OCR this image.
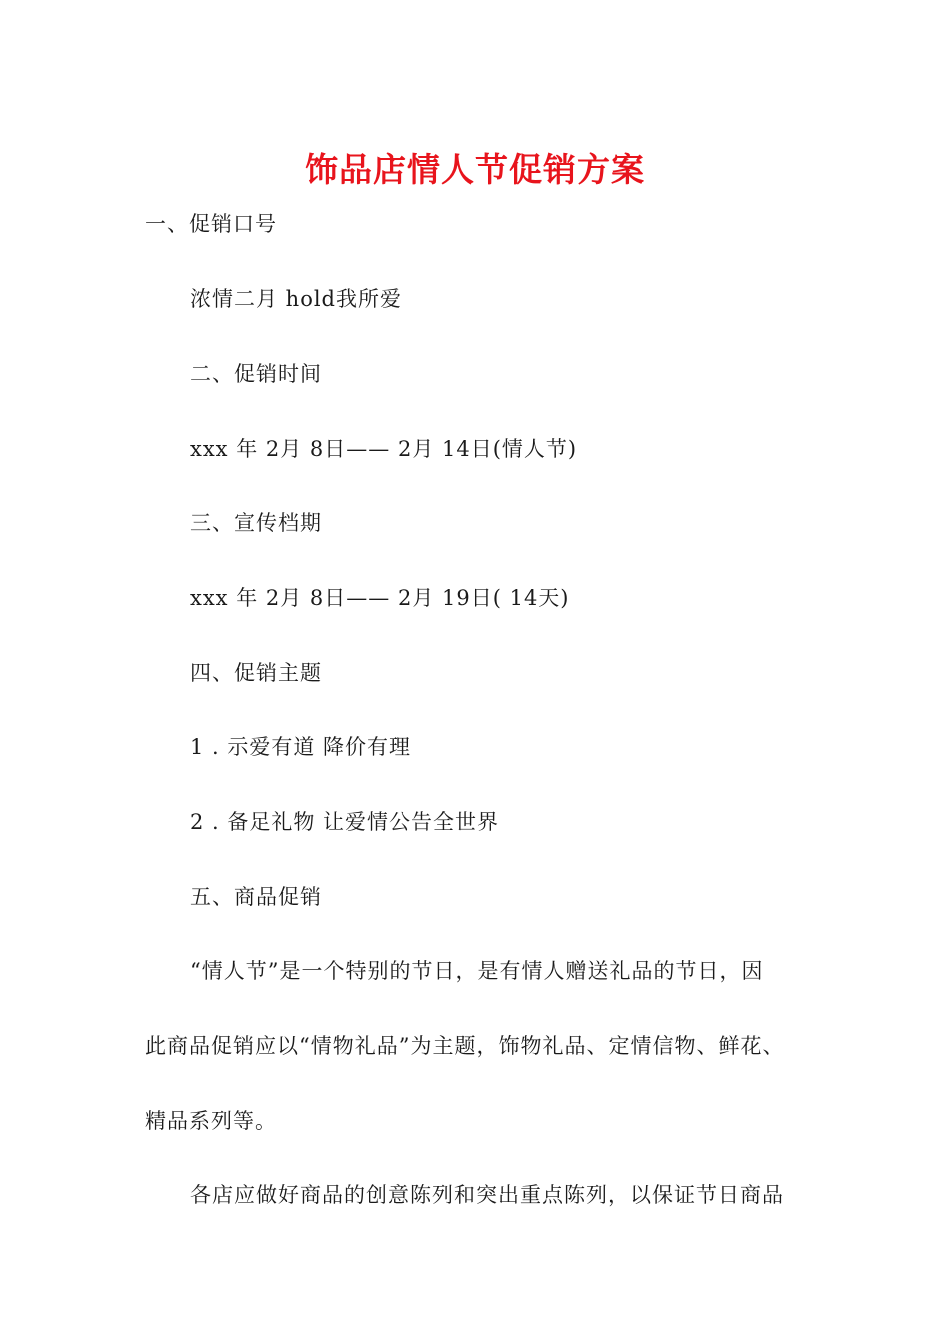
饰品店情人节促销方案
一、促销口号
浓情二月 hold我所爱
二、促销时间
xxx 年 2月 8日—— 2月 14日(情人节)
三、宣传档期
xxx 年 2月 8日—— 2月 19日( 14天)
四、促销主题
1 . 示爱有道 降价有理
2 . 备足礼物 让爱情公告全世界
五、商品促销
“情人节”是一个特别的节日，是有情人赠送礼品的节日，因
此商品促销应以“情物礼品”为主题，饰物礼品、定情信物、鲜花、
精品系列等。
各店应做好商品的创意陈列和突出重点陈列，以保证节日商品
